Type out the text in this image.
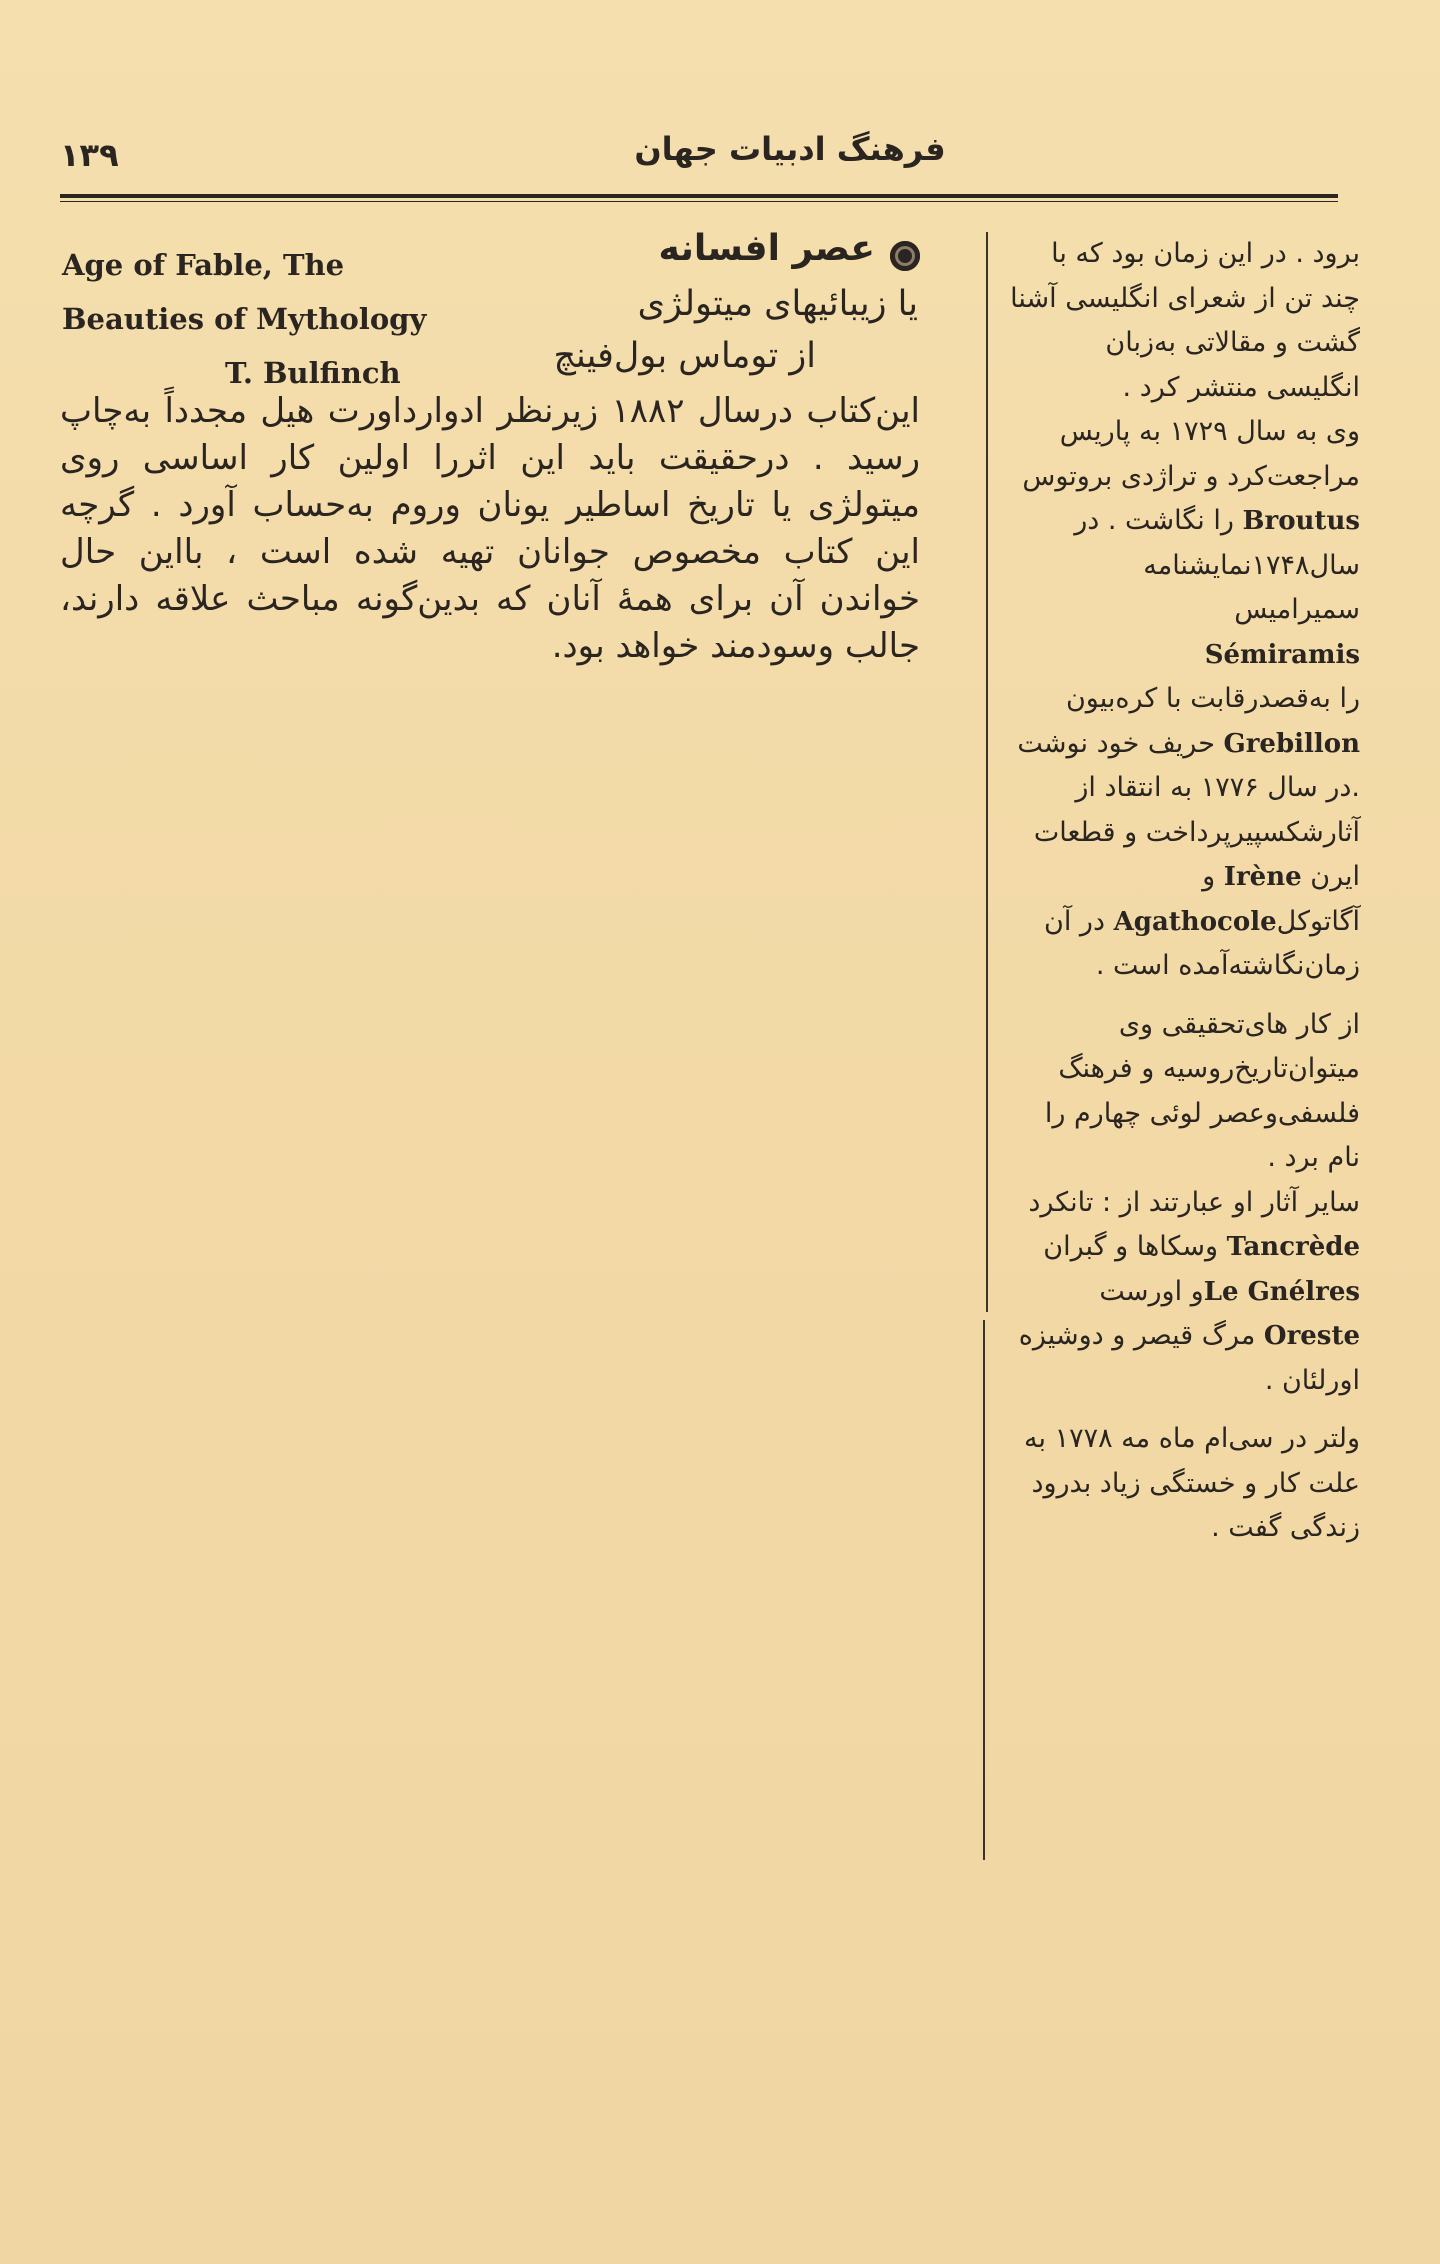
۱۳۹	فرهنگ ادبیات جهان
عصر افسانه
Age of Fable, The
Beauties of Mythology	یا زیبائیهای میتولژی
T. Bulfinch	از توماس بول‌فینچ
این‌کتاب درسال ۱۸۸۲ زیرنظر ادواردا‌ورت هیل مجدداً به‌چاپ رسید . درحقیقت باید این اثررا اولین کار اساسی روی میتولژی یا تاریخ اساطیر یونان وروم به‌حساب آورد . گرچه این کتاب مخصوص جوانان تهیه شده است ، بااین حال خواندن آن برای همهٔ آنان که بدین‌گونه مباحث علاقه دارند، جالب وسودمند خواهد بود.
برود . در این زمان بود که با چند تن از شعرای انگلیسی آشنا گشت و مقالاتی به‌زبان انگلیسی منتشر کرد .
وی به سال ۱۷۲۹ به پاریس مراجعت‌کرد و تراژدی بروتوس Broutus را نگاشت . در سال۱۷۴۸نمایشنامه سمیرامیس
Sémiramis
را به‌قصدرقابت با کره‌بیون Grebillon حریف خود نوشت .در سال ۱۷۷۶ به انتقاد از آثارشکسپیرپرداخت و قطعات ایرن Irène و آگاتوکلAgathocole در آن زمان‌نگاشته‌آمده است .
از کار های‌تحقیقی وی میتوان‌تاریخ‌روسیه و فرهنگ فلسفی‌وعصر لوئی چهارم را نام برد .
سایر آثار او عبارتند از : تانکرد Tancrède وسکاها و گبران Le Gnélresو اورست Oreste مرگ قیصر و دوشیزه اورلئان .
ولتر در سی‌ام ماه مه ۱۷۷۸ به علت کار و خستگی زیاد بدرود زندگی گفت .
